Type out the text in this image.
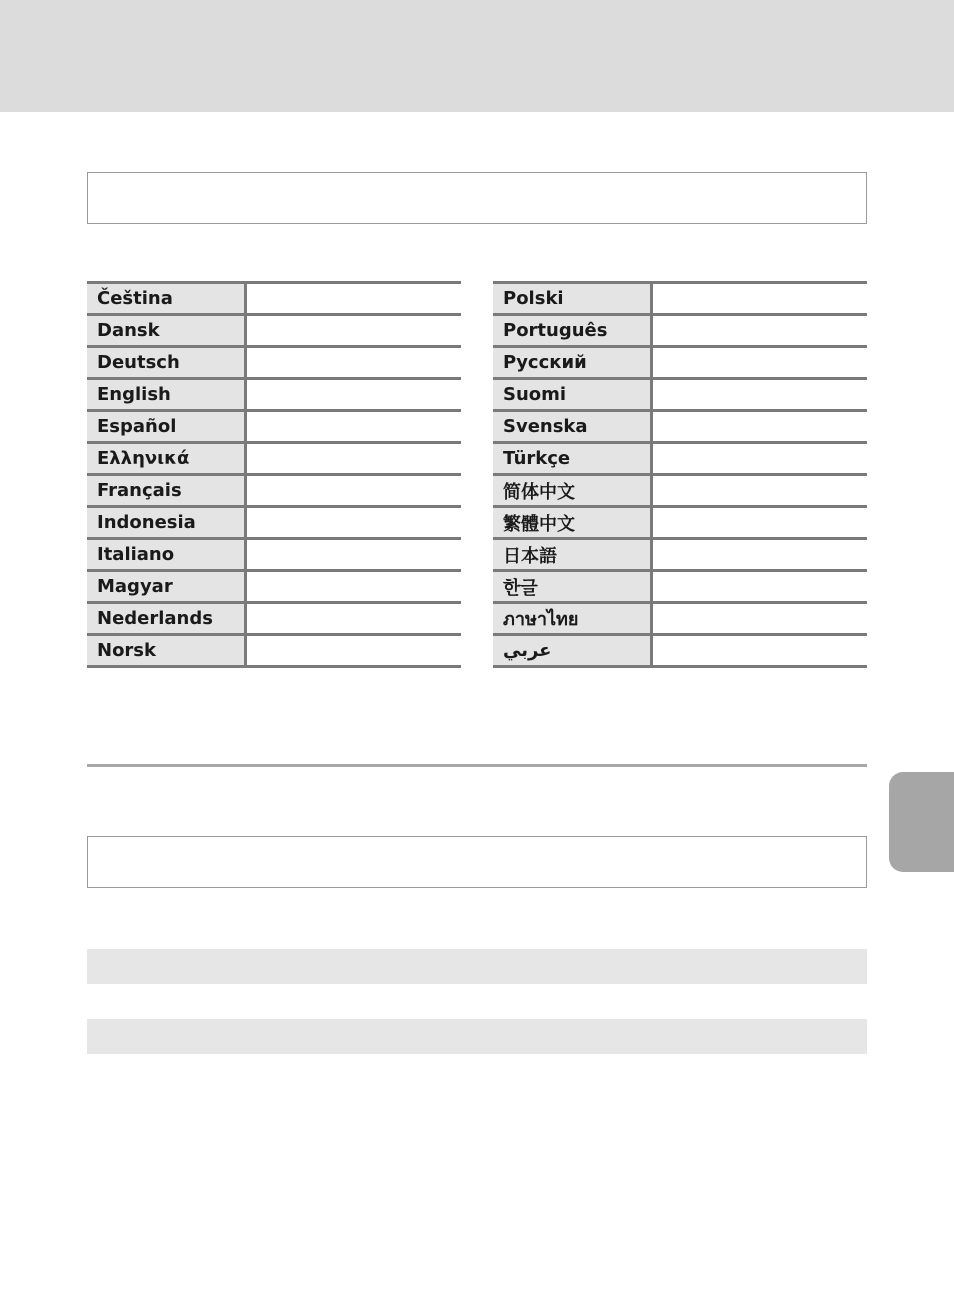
Čeština	
Dansk	
Deutsch	
English	
Español	
Ελληνικά	
Français	
Indonesia	
Italiano	
Magyar	
Nederlands	
Norsk	
Polski	
Português	
Русский	
Suomi	
Svenska	
Türkçe	
简体中文	
繁體中文	
日本語	
한글	
ภาษาไทย	
عربي	
